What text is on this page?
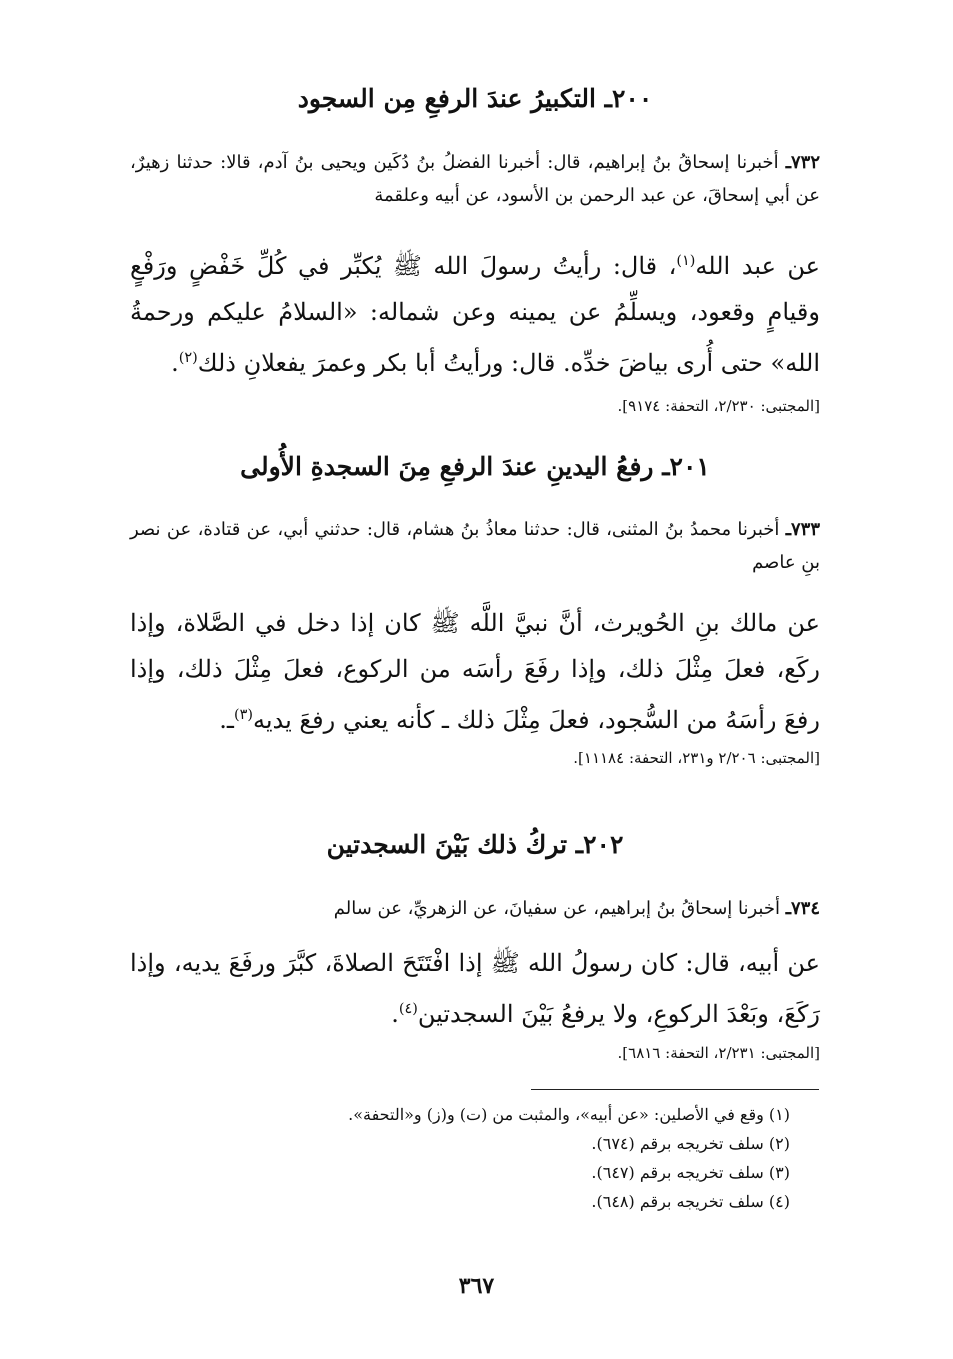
٢٠٠ـ التكبيرُ عندَ الرفعِ مِن السجود
٧٣٢ـ أخبرنا إسحاقُ بنُ إبراهيم، قال: أخبرنا الفضلُ بنُ دُكَين ويحيى بنُ آدم، قالا: حدثنا زهيرٌ، عن أبي إسحاقَ، عن عبد الرحمن بن الأسود، عن أبيه وعلقمة
عن عبد الله$^{(١)}$، قال: رأيتُ رسولَ الله ﷺ يُكبِّر في كُلِّ خَفْضٍ ورَفْعٍ وقيامٍ وقعود، ويسلِّمُ عن يمينه وعن شماله: «السلامُ عليكم ورحمةُ الله» حتى أُرى بياضَ خدِّه. قال: ورأيتُ أبا بكر وعمرَ يفعلانِ ذلك$^{(٢)}$.
[المجتبى: ٢/٢٣٠، التحفة: ٩١٧٤].
٢٠١ـ رفعُ اليدينِ عندَ الرفعِ مِنَ السجدةِ الأُولى
٧٣٣ـ أخبرنا محمدُ بنُ المثنى، قال: حدثنا معاذُ بنُ هشام، قال: حدثني أبي، عن قتادة، عن نصر بنِ عاصم
عن مالك بنِ الحُويرث، أنَّ نبيَّ اللَّه ﷺ كان إذا دخل في الصَّلاة، وإذا ركَع، فعلَ مِثْلَ ذلك، وإذا رفَعَ رأسَه من الركوع، فعلَ مِثْلَ ذلك، وإذا رفعَ رأسَهُ من السُّجود، فعلَ مِثْلَ ذلك ـ كأنه يعني رفعَ يديه$^{(٣)}$ـ.
[المجتبى: ٢/٢٠٦ و٢٣١، التحفة: ١١١٨٤].
٢٠٢ـ تركُ ذلك بَيْنَ السجدتين
٧٣٤ـ أخبرنا إسحاقُ بنُ إبراهيم، عن سفيانَ، عن الزهريِّ، عن سالم
عن أبيه، قال: كان رسولُ الله ﷺ إذا افْتَتَحَ الصلاةَ، كبَّرَ ورفَعَ يديه، وإذا رَكَعَ، وبَعْدَ الركوعِ، ولا يرفعُ بَيْنَ السجدتين$^{(٤)}$.
[المجتبى: ٢/٢٣١، التحفة: ٦٨١٦].
(١) وقع في الأصلين: «عن أبيه»، والمثبت من (ت) و(ز) و«التحفة».
(٢) سلف تخريجه برقم (٦٧٤).
(٣) سلف تخريجه برقم (٦٤٧).
(٤) سلف تخريجه برقم (٦٤٨).
٣٦٧
